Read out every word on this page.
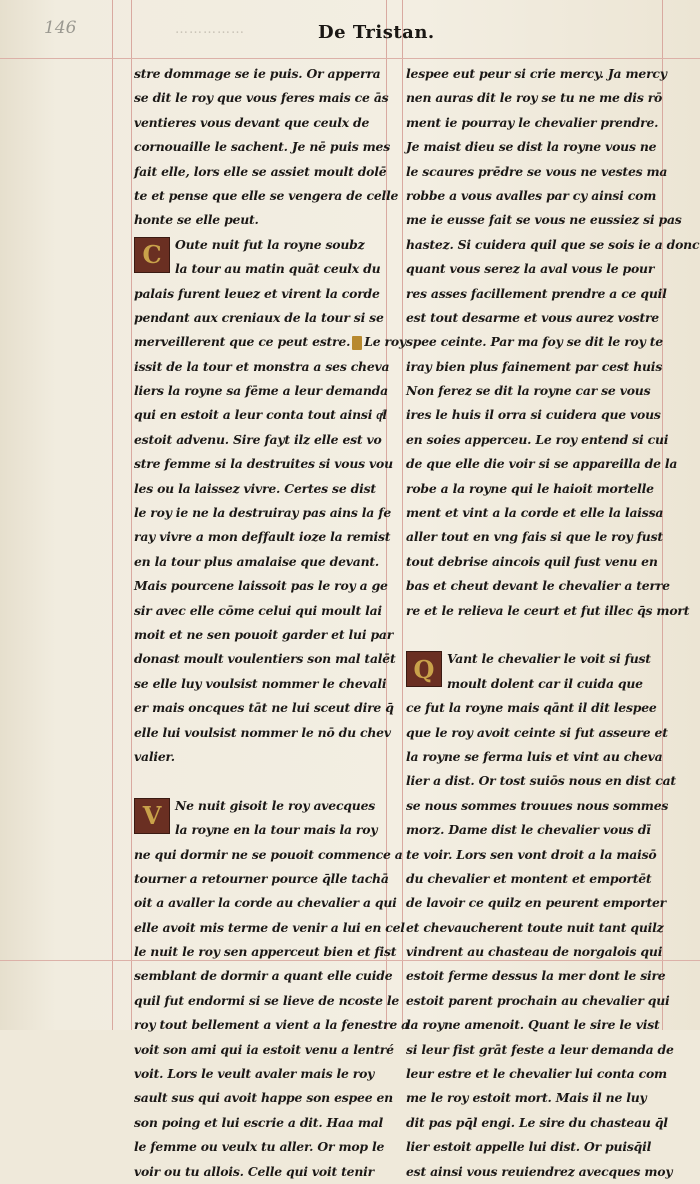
146	……………	De Tristan.
stre dommage se ie puis. Or apperra
se dit le roy que vous feres mais ce ās
ventieres vous devant que ceulx de
cornouaille le sachent. Je nē puis mes
fait elle, lors elle se assiet moult dolē
te et pense que elle se vengera de celle
honte se elle peut.
C	Oute nuit fut la royne soubz
la tour au matin quāt ceulx du
palais furent leuez et virent la corde
pendant aux creniaux de la tour si se
merveillerent que ce peut estre. Le roy
issit de la tour et monstra a ses cheva
liers la royne sa fēme a leur demanda
qui en estoit a leur conta tout ainsi qͥl
estoit advenu. Sire fayt ilz elle est vo
stre femme si la destruites si vous vou
les ou la laissez vivre. Certes se dist
le roy ie ne la destruiray pas ains la fe
ray vivre a mon deffault ioze la remist
en la tour plus amalaise que devant.
Mais pourcene laissoit pas le roy a ge
sir avec elle cōme celui qui moult lai
moit et ne sen pouoit garder et lui par
donast moult voulentiers son mal talēt
se elle luy voulsist nommer le chevali
er mais oncques tāt ne lui sceut dire q̄
elle lui voulsist nommer le nō du chev
valier.
V	Ne nuit gisoit le roy avecques
la royne en la tour mais la roy
ne qui dormir ne se pouoit commence a
tourner a retourner pource q̄lle tachā
oit a avaller la corde au chevalier a qui
elle avoit mis terme de venir a lui en cel
le nuit le roy sen apperceut bien et fist
semblant de dormir a quant elle cuide
quil fut endormi si se lieve de ncoste le
roy tout bellement a vient a la fenestre a
voit son ami qui ia estoit venu a lentré
voit. Lors le veult avaler mais le roy
sault sus qui avoit happe son espee en
son poing et lui escrie a dit. Haa mal
le femme ou veulx tu aller. Or mop le
voir ou tu allois. Celle qui voit tenir
lespee eut peur si crie mercy. Ja mercy
nen auras dit le roy se tu ne me dis rō
ment ie pourray le chevalier prendre.
Je maist dieu se dist la royne vous ne
le scaures prēdre se vous ne vestes ma
robbe a vous avalles par cy ainsi com
me ie eusse fait se vous ne eussiez si pas
hastez. Si cuidera quil que se sois ie a donc
quant vous serez la aval vous le pour
res asses facillement prendre a ce quil
est tout desarme et vous aurez vostre
spee ceinte. Par ma foy se dit le roy te
iray bien plus fainement par cest huis
Non ferez se dit la royne car se vous
ires le huis il orra si cuidera que vous
en soies apperceu. Le roy entend si cui
de que elle die voir si se appareilla de la
robe a la royne qui le haioit mortelle
ment et vint a la corde et elle la laissa
aller tout en vng fais si que le roy fust
tout debrise aincois quil fust venu en
bas et cheut devant le chevalier a terre
re et le relieva le ceurt et fut illec q̄s mort
Q	Vant le chevalier le voit si fust
moult dolent car il cuida que
ce fut la royne mais qānt il dit lespee
que le roy avoit ceinte si fut asseure et
la royne se ferma luis et vint au cheva
lier a dist. Or tost suiōs nous en dist cat
se nous sommes trouues nous sommes
morz. Dame dist le chevalier vous dī
te voir. Lors sen vont droit a la maisō
du chevalier et montent et emportēt
de lavoir ce quilz en peurent emporter
et chevaucherent toute nuit tant quilz
vindrent au chasteau de norgalois qui
estoit ferme dessus la mer dont le sire
estoit parent prochain au chevalier qui
la royne amenoit. Quant le sire le vist
si leur fist grāt feste a leur demanda de
leur estre et le chevalier lui conta com
me le roy estoit mort. Mais il ne luy
dit pas pq̄l engi. Le sire du chasteau q̄l
lier estoit appelle lui dist. Or puisq̄il
est ainsi vous reuiendrez avecques moy
